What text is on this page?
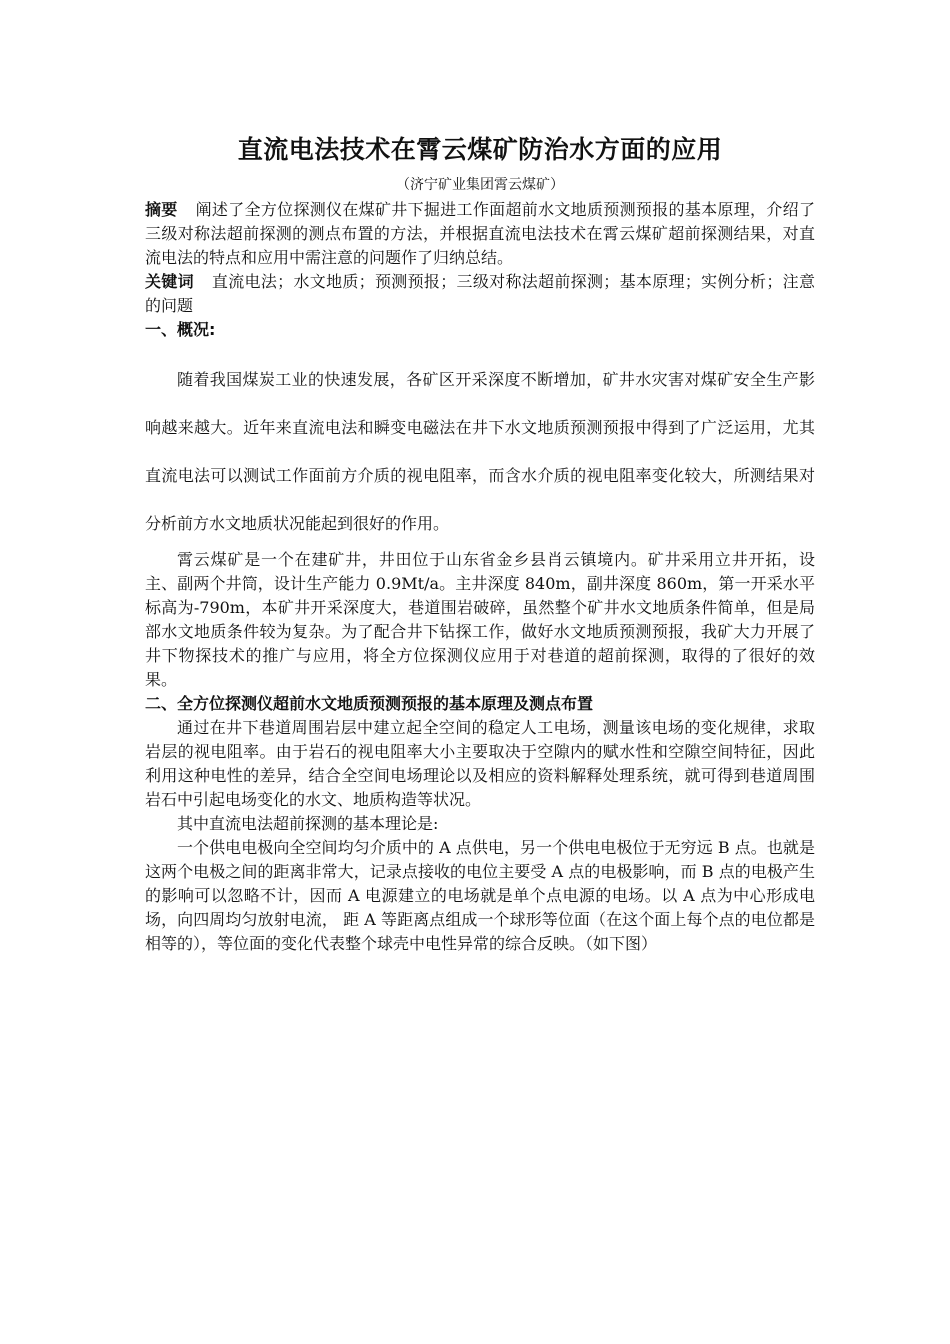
直流电法技术在霄云煤矿防治水方面的应用

（济宁矿业集团霄云煤矿）

摘要 阐述了全方位探测仪在煤矿井下掘进工作面超前水文地质预测预报的基本原理，介绍了三级对称法超前探测的测点布置的方法，并根据直流电法技术在霄云煤矿超前探测结果，对直流电法的特点和应用中需注意的问题作了归纳总结。

关键词 直流电法；水文地质；预测预报；三级对称法超前探测；基本原理；实例分析；注意的问题

一、概况:

随着我国煤炭工业的快速发展，各矿区开采深度不断增加，矿井水灾害对煤矿安全生产影响越来越大。近年来直流电法和瞬变电磁法在井下水文地质预测预报中得到了广泛运用，尤其直流电法可以测试工作面前方介质的视电阻率，而含水介质的视电阻率变化较大，所测结果对分析前方水文地质状况能起到很好的作用。

霄云煤矿是一个在建矿井，井田位于山东省金乡县肖云镇境内。矿井采用立井开拓，设主、副两个井筒，设计生产能力 0.9Mt/a。主井深度 840m，副井深度 860m，第一开采水平标高为-790m，本矿井开采深度大，巷道围岩破碎，虽然整个矿井水文地质条件简单，但是局部水文地质条件较为复杂。为了配合井下钻探工作，做好水文地质预测预报，我矿大力开展了井下物探技术的推广与应用，将全方位探测仪应用于对巷道的超前探测，取得的了很好的效果。

二、全方位探测仪超前水文地质预测预报的基本原理及测点布置

通过在井下巷道周围岩层中建立起全空间的稳定人工电场，测量该电场的变化规律，求取岩层的视电阻率。由于岩石的视电阻率大小主要取决于空隙内的赋水性和空隙空间特征，因此利用这种电性的差异，结合全空间电场理论以及相应的资料解释处理系统，就可得到巷道周围岩石中引起电场变化的水文、地质构造等状况。

其中直流电法超前探测的基本理论是:

一个供电电极向全空间均匀介质中的 A 点供电，另一个供电电极位于无穷远 B 点。也就是这两个电极之间的距离非常大，记录点接收的电位主要受 A 点的电极影响，而 B 点的电极产生的影响可以忽略不计，因而 A 电源建立的电场就是单个点电源的电场。以 A 点为中心形成电场，向四周均匀放射电流， 距 A 等距离点组成一个球形等位面（在这个面上每个点的电位都是相等的），等位面的变化代表整个球壳中电性异常的综合反映。（如下图）
